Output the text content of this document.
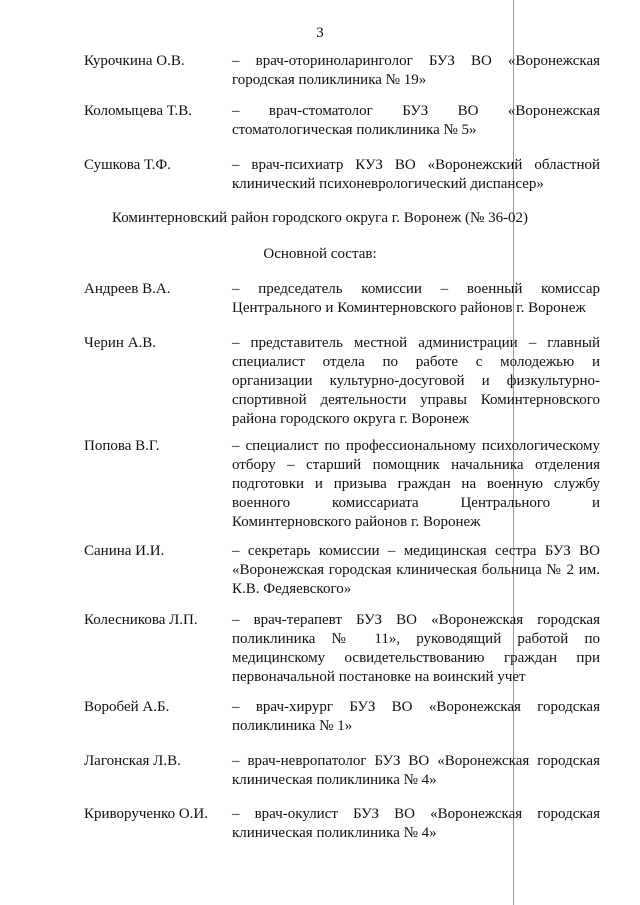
3
Курочкина О.В.	– врач-оториноларинголог БУЗ ВО «Воронежская городская поликлиника № 19»
Коломыцева Т.В.	– врач-стоматолог БУЗ ВО «Воронежская стоматологическая поликлиника № 5»
Сушкова Т.Ф.	– врач-психиатр КУЗ ВО «Воронежский областной клинический психоневрологический диспансер»
Коминтерновский район городского округа г. Воронеж (№ 36-02)
Основной состав:
Андреев В.А.	– председатель комиссии – военный комиссар Центрального и Коминтерновского районов г. Воронеж
Черин А.В.	– представитель местной администрации – главный специалист отдела по работе с молодежью и организации культурно-досуговой и физкультурно-спортивной деятельности управы Коминтерновского района городского округа г. Воронеж
Попова В.Г.	– специалист по профессиональному психологическому отбору – старший помощник начальника отделения подготовки и призыва граждан на военную службу военного комиссариата Центрального и Коминтерновского районов г. Воронеж
Санина И.И.	– секретарь комиссии – медицинская сестра БУЗ ВО «Воронежская городская клиническая больница № 2 им. К.В. Федяевского»
Колесникова Л.П. – врач-терапевт БУЗ ВО «Воронежская городская поликлиника № 11», руководящий работой по медицинскому освидетельствованию граждан при первоначальной постановке на воинский учет
Воробей А.Б.	– врач-хирург БУЗ ВО «Воронежская городская поликлиника № 1»
Лагонская Л.В.	– врач-невропатолог БУЗ ВО «Воронежская городская клиническая поликлиника № 4»
Криворученко О.И. – врач-окулист БУЗ ВО «Воронежская городская клиническая поликлиника № 4»
